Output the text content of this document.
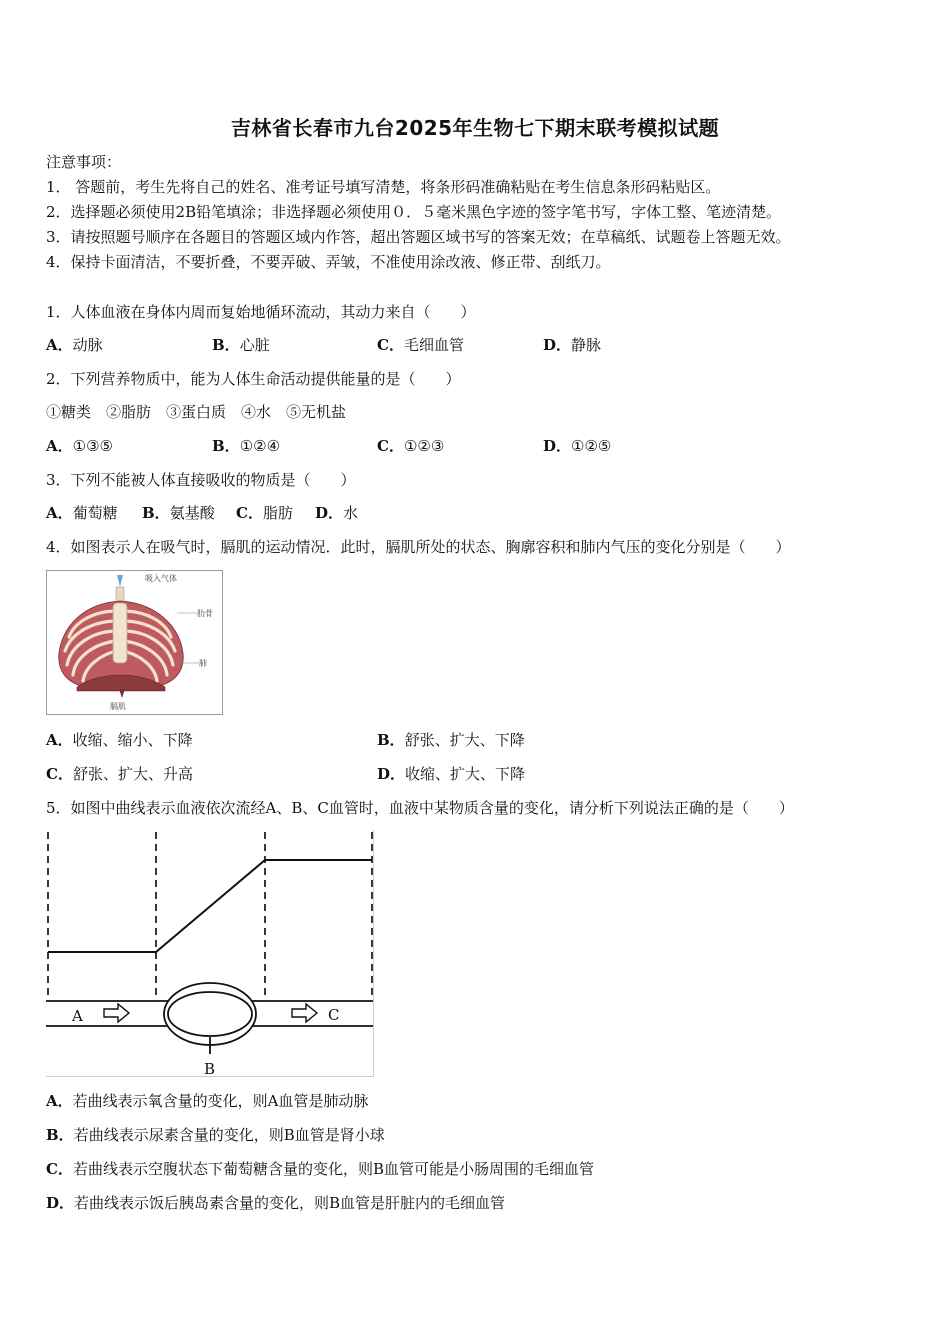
吉林省长春市九台2025年生物七下期末联考模拟试题
注意事项：
1． 答题前，考生先将自己的姓名、准考证号填写清楚，将条形码准确粘贴在考生信息条形码粘贴区。
2．选择题必须使用2B铅笔填涂；非选择题必须使用０．５毫米黑色字迹的签字笔书写，字体工整、笔迹清楚。
3．请按照题号顺序在各题目的答题区域内作答，超出答题区域书写的答案无效；在草稿纸、试题卷上答题无效。
4．保持卡面清洁，不要折叠，不要弄破、弄皱，不准使用涂改液、修正带、刮纸刀。
1．人体血液在身体内周而复始地循环流动，其动力来自（　　）
A．动脉	B．心脏	C．毛细血管	D．静脉
2．下列营养物质中，能为人体生命活动提供能量的是（　　）
①糖类　②脂肪　③蛋白质　④水　⑤无机盐
A．①③⑤	B．①②④	C．①②③	D．①②⑤
3．下列不能被人体直接吸收的物质是（　　）
A．葡萄糖 B．氨基酸 C．脂肪 D．水
4．如图表示人在吸气时，膈肌的运动情况．此时，膈肌所处的状态、胸廓容积和肺内气压的变化分别是（　　）
吸入气体
肋骨
肺
膈肌
A．收缩、缩小、下降	B．舒张、扩大、下降
C．舒张、扩大、升高	D．收缩、扩大、下降
5．如图中曲线表示血液依次流经A、B、C血管时，血液中某物质含量的变化，请分析下列说法正确的是（　　）
A	C
B
A．若曲线表示氧含量的变化，则A血管是肺动脉
B．若曲线表示尿素含量的变化，则B血管是肾小球
C．若曲线表示空腹状态下葡萄糖含量的变化，则B血管可能是小肠周围的毛细血管
D．若曲线表示饭后胰岛素含量的变化，则B血管是肝脏内的毛细血管
